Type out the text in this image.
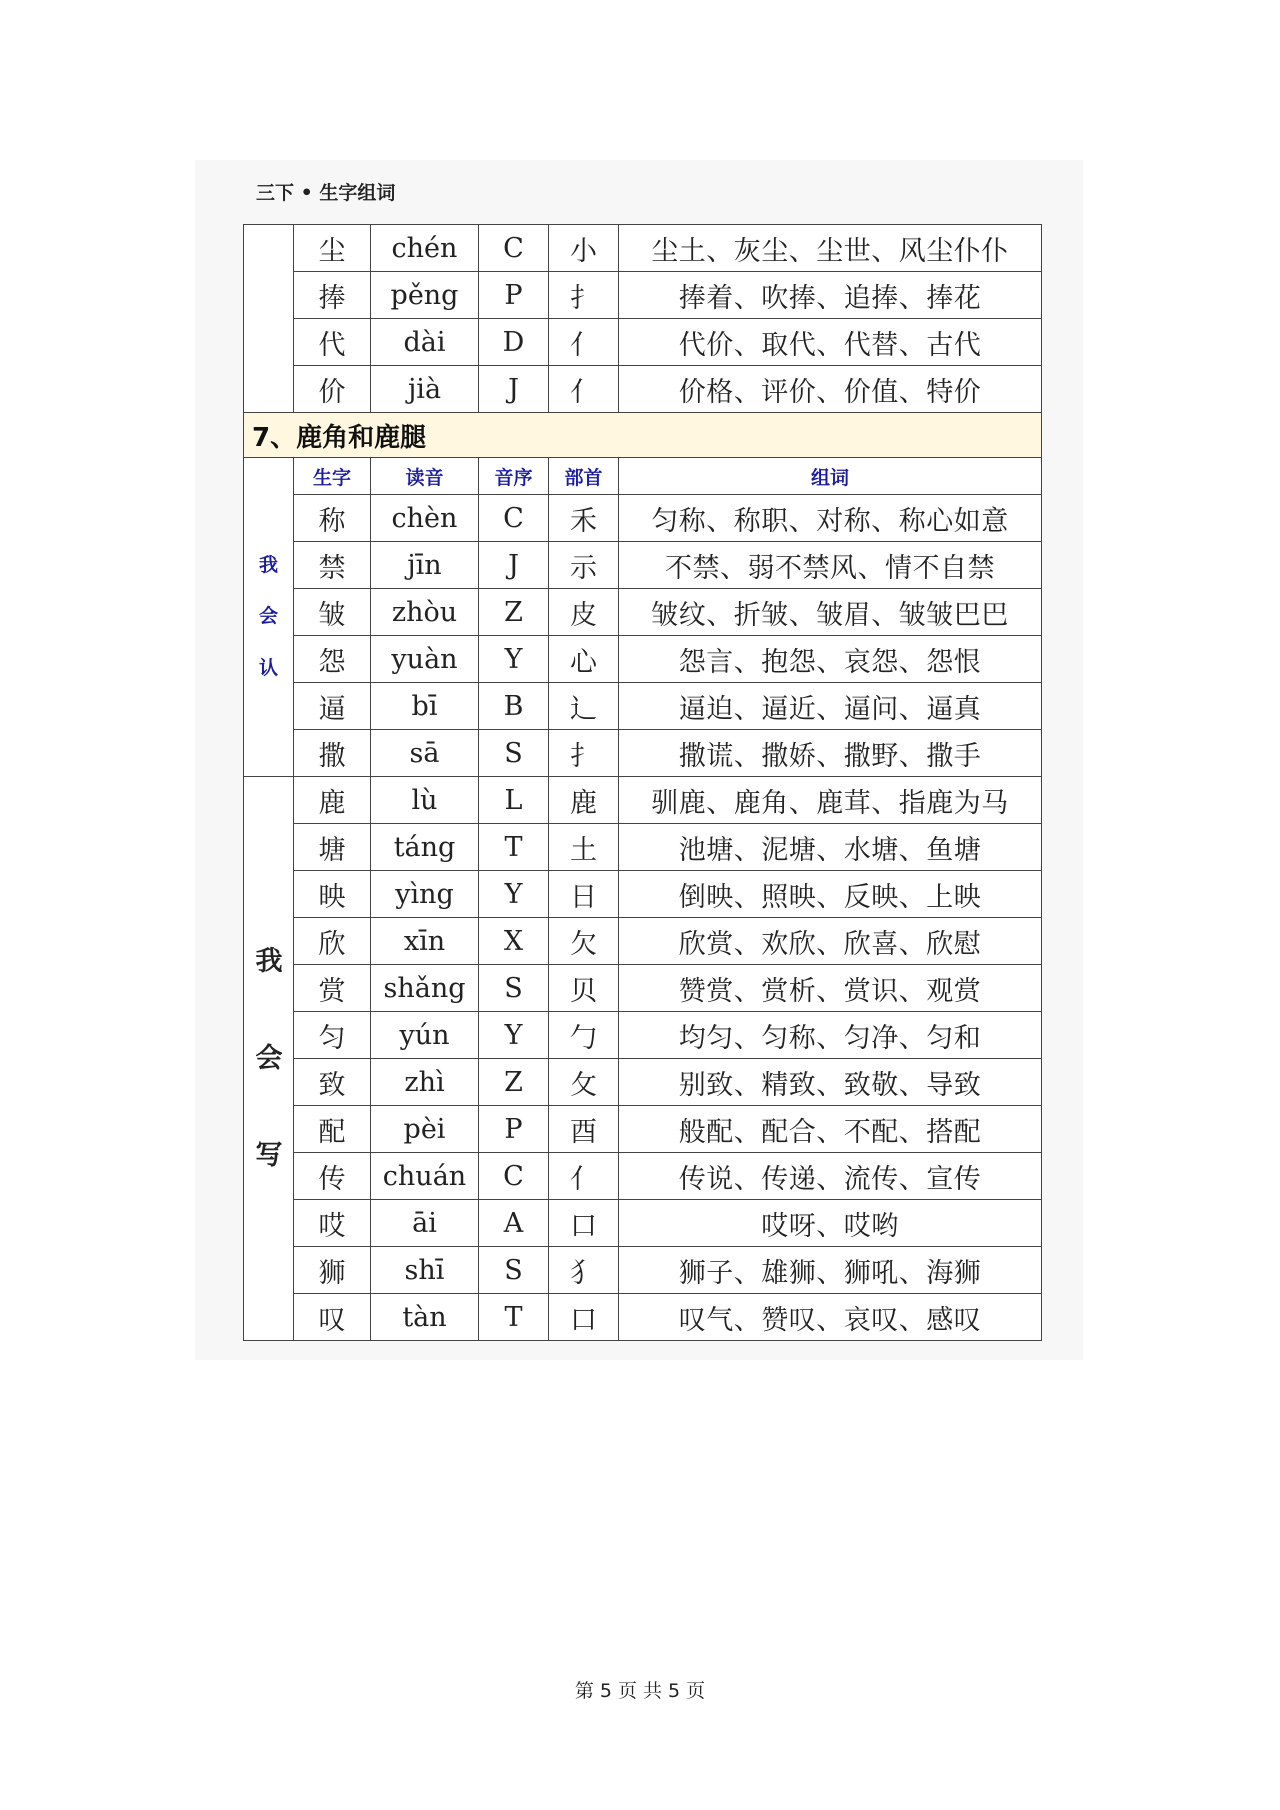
三下 • 生字组词
	尘	chén	C	小	尘土、灰尘、尘世、风尘仆仆
	捧	pěng	P	扌	捧着、吹捧、追捧、捧花
	代	dài	D	亻	代价、取代、代替、古代
	价	jià	J	亻	价格、评价、价值、特价
7、鹿角和鹿腿					
我会认	生字	读音	音序	部首	组词
	称	chèn	C	禾	匀称、称职、对称、称心如意
	禁	jīn	J	示	不禁、弱不禁风、情不自禁
	皱	zhòu	Z	皮	皱纹、折皱、皱眉、皱皱巴巴
	怨	yuàn	Y	心	怨言、抱怨、哀怨、怨恨
	逼	bī	B	辶	逼迫、逼近、逼问、逼真
	撒	sā	S	扌	撒谎、撒娇、撒野、撒手
我会写	鹿	lù	L	鹿	驯鹿、鹿角、鹿茸、指鹿为马
	塘	táng	T	土	池塘、泥塘、水塘、鱼塘
	映	yìng	Y	日	倒映、照映、反映、上映
	欣	xīn	X	欠	欣赏、欢欣、欣喜、欣慰
	赏	shǎng	S	贝	赞赏、赏析、赏识、观赏
	匀	yún	Y	勹	均匀、匀称、匀净、匀和
	致	zhì	Z	攵	别致、精致、致敬、导致
	配	pèi	P	酉	般配、配合、不配、搭配
	传	chuán	C	亻	传说、传递、流传、宣传
	哎	āi	A	口	哎呀、哎哟
	狮	shī	S	犭	狮子、雄狮、狮吼、海狮
	叹	tàn	T	口	叹气、赞叹、哀叹、感叹
第 5 页 共 5 页
